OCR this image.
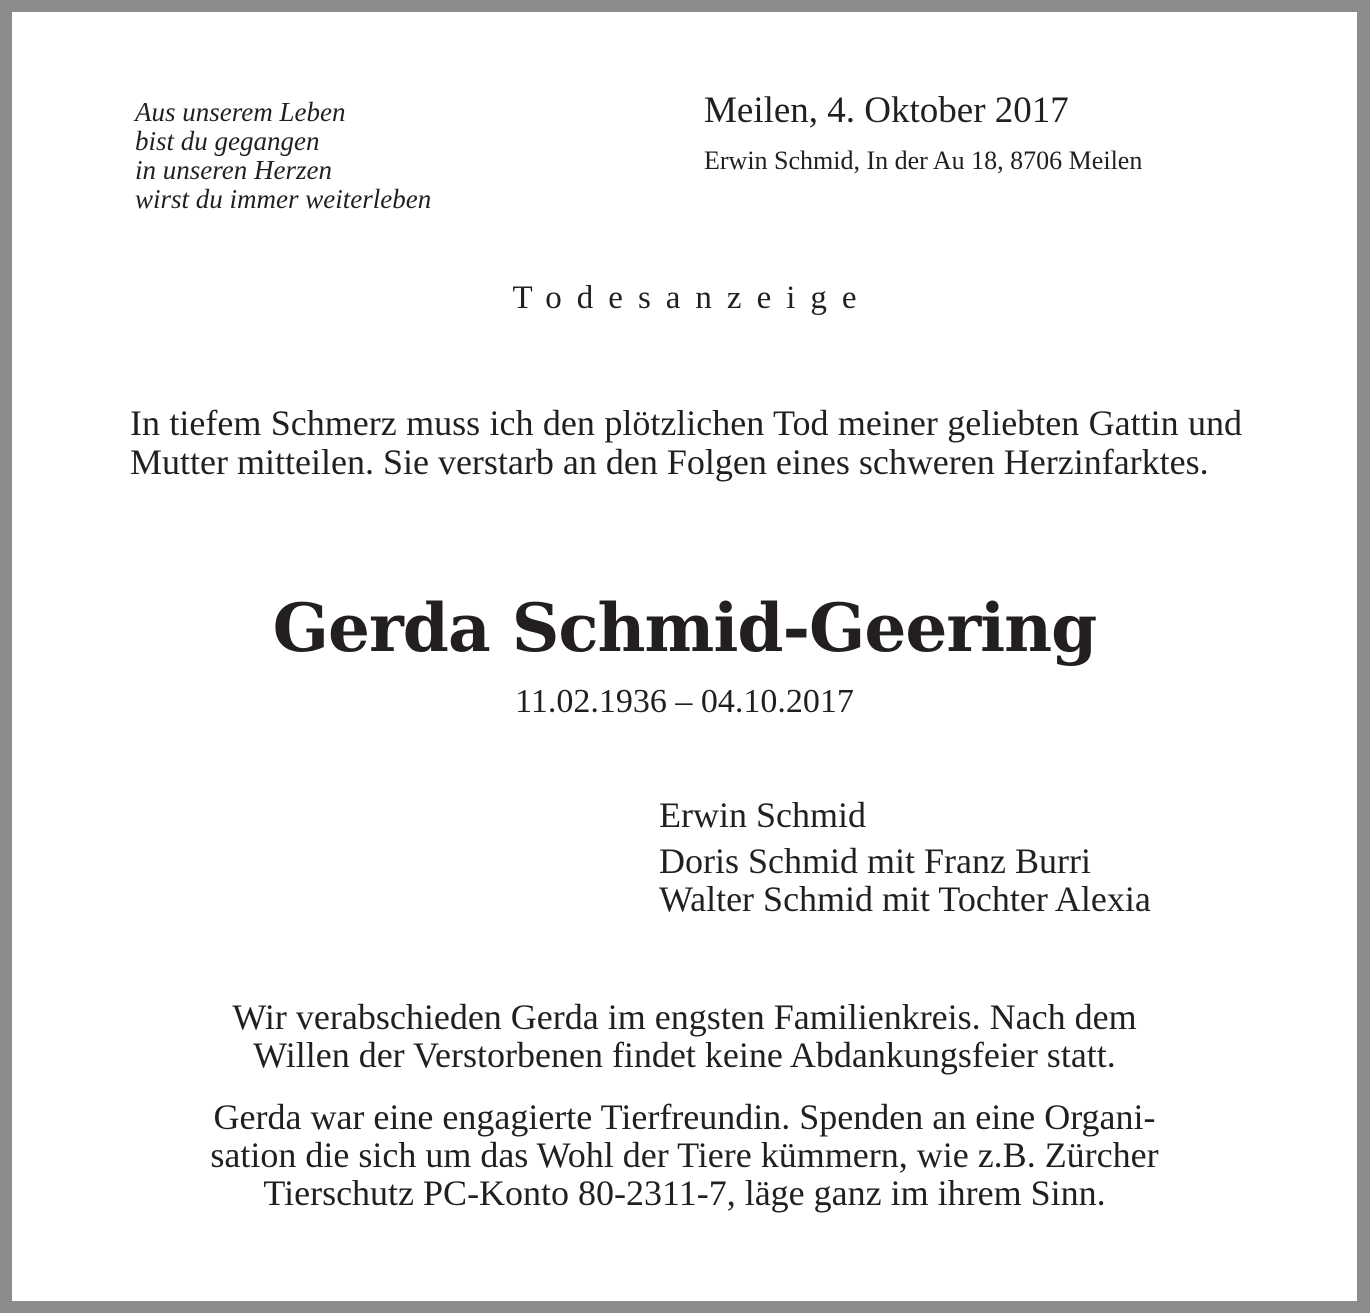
Aus unserem Leben
bist du gegangen
in unseren Herzen
wirst du immer weiterleben
Meilen, 4. Oktober 2017
Erwin Schmid, In der Au 18, 8706 Meilen
Todesanzeige

In tiefem Schmerz muss ich den plötzlichen Tod meiner geliebten Gattin und Mutter mitteilen. Sie verstarb an den Folgen eines schweren Herzinfarktes.

Gerda Schmid-Geering
11.02.1936 – 04.10.2017
Erwin Schmid
Doris Schmid mit Franz Burri
Walter Schmid mit Tochter Alexia
Wir verabschieden Gerda im engsten Familienkreis. Nach dem
Willen der Verstorbenen findet keine Abdankungsfeier statt.
Gerda war eine engagierte Tierfreundin. Spenden an eine Organi-
sation die sich um das Wohl der Tiere kümmern, wie z.B. Zürcher
Tierschutz PC-Konto 80-2311-7, läge ganz im ihrem Sinn.
